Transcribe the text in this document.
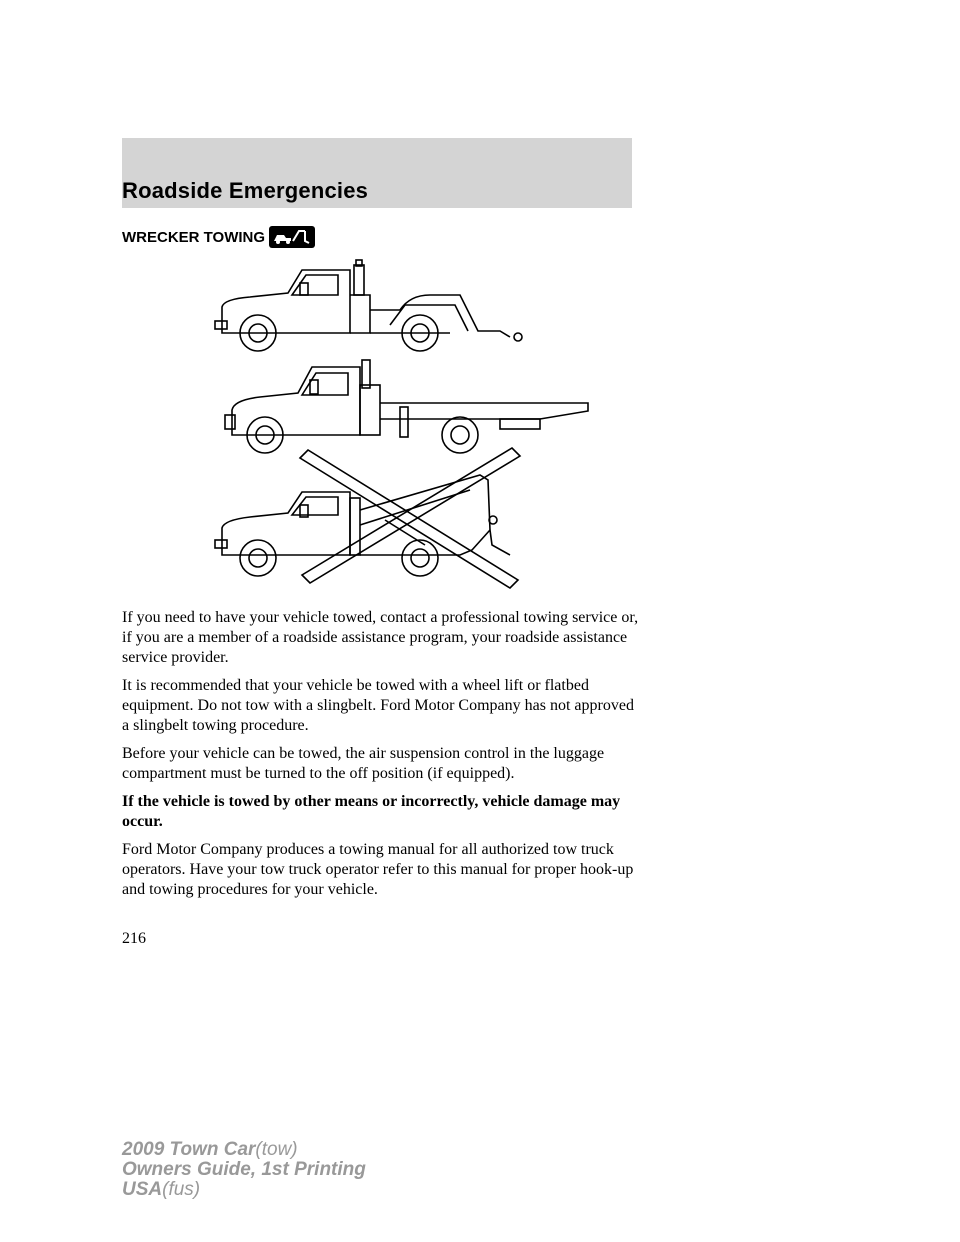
Roadside Emergencies
WRECKER TOWING

If you need to have your vehicle towed, contact a professional towing service or, if you are a member of a roadside assistance program, your roadside assistance service provider.

It is recommended that your vehicle be towed with a wheel lift or flatbed equipment. Do not tow with a slingbelt. Ford Motor Company has not approved a slingbelt towing procedure.

Before your vehicle can be towed, the air suspension control in the luggage compartment must be turned to the off position (if equipped).

If the vehicle is towed by other means or incorrectly, vehicle damage may occur.

Ford Motor Company produces a towing manual for all authorized tow truck operators. Have your tow truck operator refer to this manual for proper hook-up and towing procedures for your vehicle.

216
2009 Town Car(tow)
Owners Guide, 1st Printing
USA(fus)
